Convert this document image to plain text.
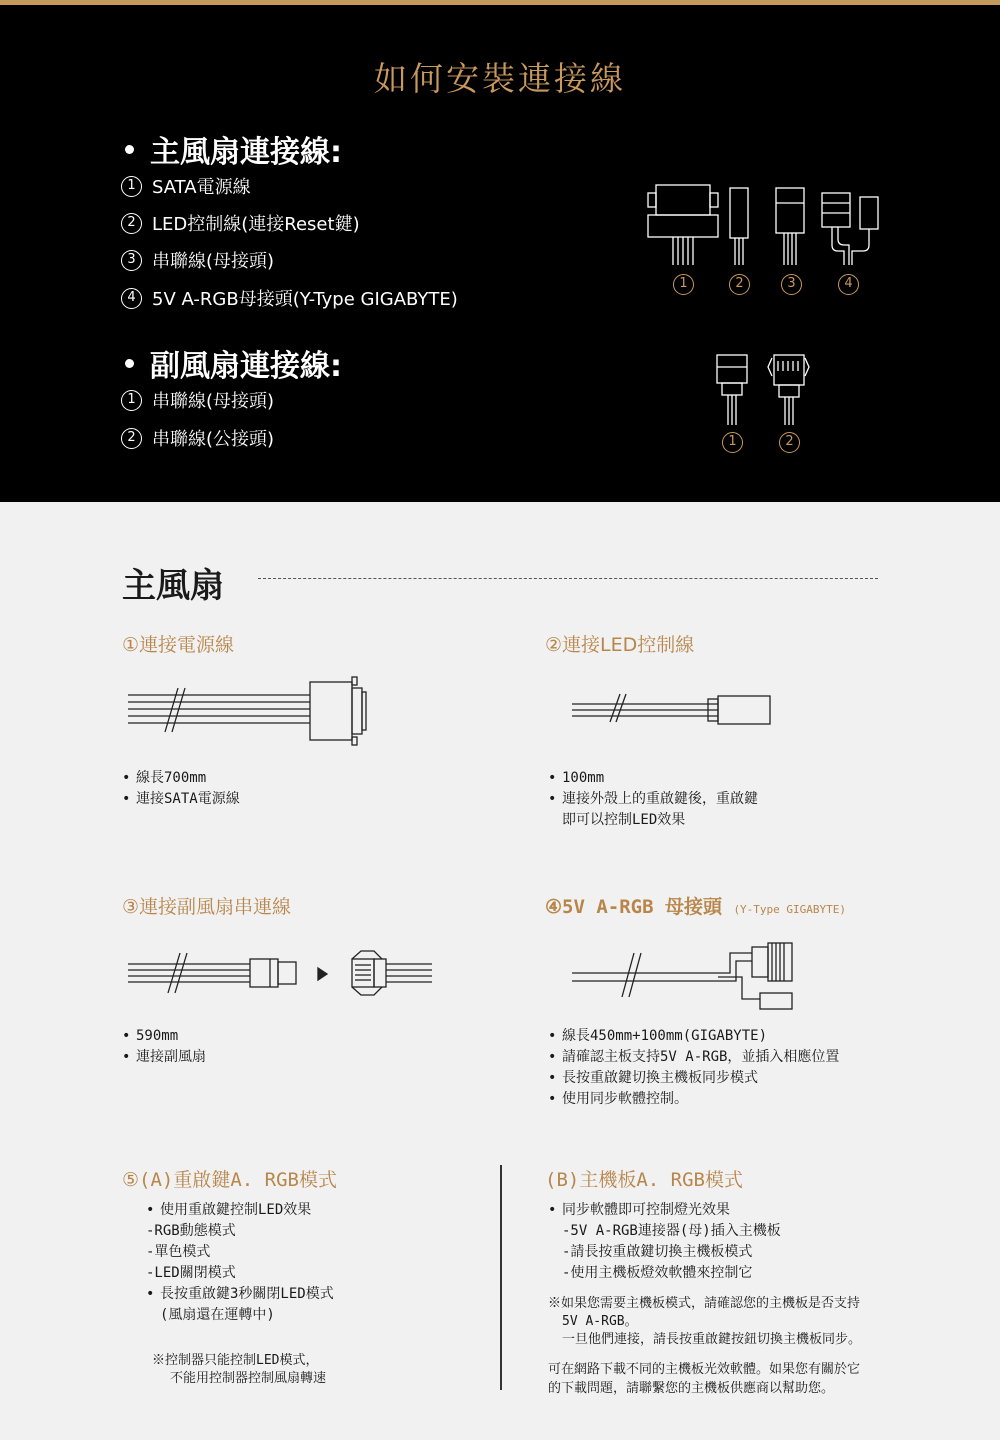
如何安裝連接線
主風扇連接線:
1 SATA電源線
2 LED控制線(連接Reset鍵)
3 串聯線(母接頭)
4 5V A-RGB母接頭(Y-Type GIGABYTE)
副風扇連接線:
1 串聯線(母接頭)
2 串聯線(公接頭)
1	2	3	4
1	2
主風扇
①連接電源線	②連接LED控制線
• 線長700mm
• 連接SATA電源線
• 100mm
• 連接外殼上的重啟鍵後，重啟鍵
即可以控制LED效果
③連接副風扇串連線	④5V A-RGB 母接頭 (Y-Type GIGABYTE)
• 590mm
• 連接副風扇
• 線長450mm+100mm(GIGABYTE)
• 請確認主板支持5V A-RGB，並插入相應位置
• 長按重啟鍵切換主機板同步模式
• 使用同步軟體控制。
⑤(A)重啟鍵A. RGB模式	(B)主機板A. RGB模式
• 使用重啟鍵控制LED效果
-RGB動態模式
-單色模式
-LED關閉模式
• 長按重啟鍵3秒關閉LED模式
(風扇還在運轉中)
※控制器只能控制LED模式，
不能用控制器控制風扇轉速
• 同步軟體即可控制燈光效果
-5V A-RGB連接器(母)插入主機板
-請長按重啟鍵切換主機板模式
-使用主機板燈效軟體來控制它
※如果您需要主機板模式，請確認您的主機板是否支持
5V A-RGB。
一旦他們連接，請長按重啟鍵按鈕切換主機板同步。
可在網路下載不同的主機板光效軟體。如果您有關於它
的下載問題，請聯繫您的主機板供應商以幫助您。
